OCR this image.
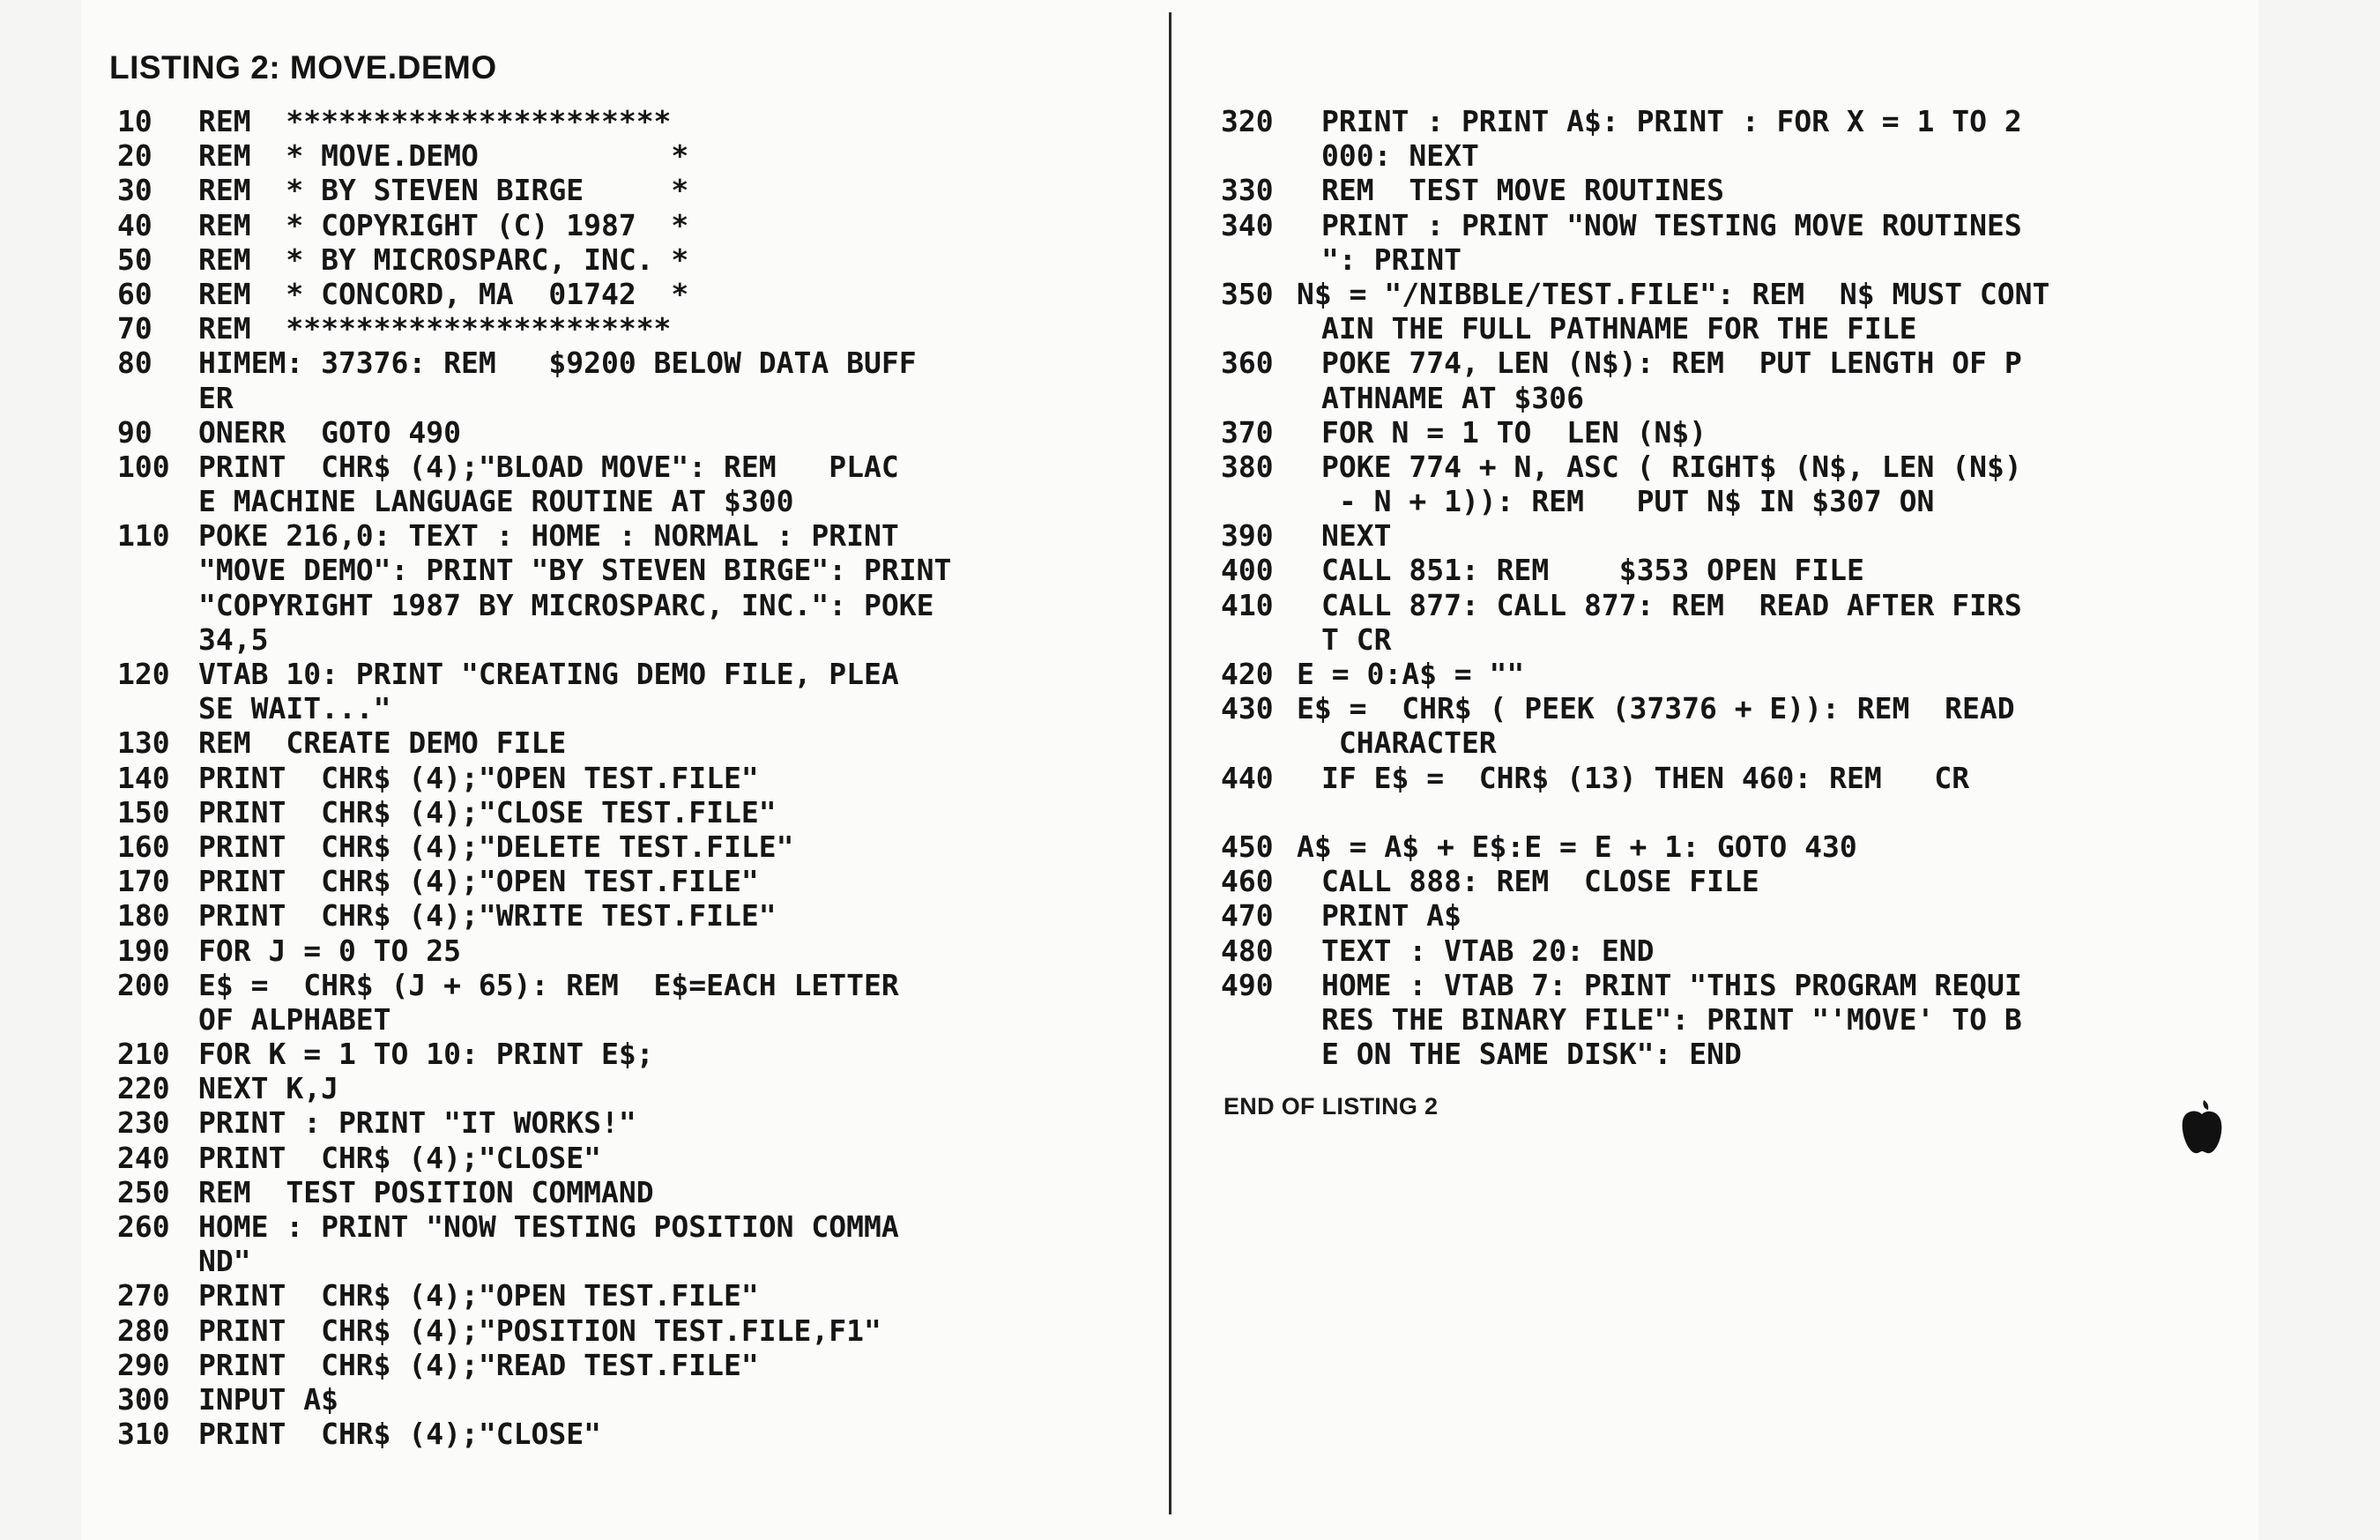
LISTING 2: MOVE.DEMO
10	REM  **********************
20	REM  * MOVE.DEMO           *
30	REM  * BY STEVEN BIRGE     *
40	REM  * COPYRIGHT (C) 1987  *
50	REM  * BY MICROSPARC, INC. *
60	REM  * CONCORD, MA  01742  *
70	REM  **********************
80	HIMEM: 37376: REM   $9200 BELOW DATA BUFF
ER
90	ONERR  GOTO 490
100 PRINT  CHR$ (4);"BLOAD MOVE": REM   PLAC
E MACHINE LANGUAGE ROUTINE AT $300
110 POKE 216,0: TEXT : HOME : NORMAL : PRINT
"MOVE DEMO": PRINT "BY STEVEN BIRGE": PRINT
"COPYRIGHT 1987 BY MICROSPARC, INC.": POKE
34,5
120 VTAB 10: PRINT "CREATING DEMO FILE, PLEA
SE WAIT..."
130 REM  CREATE DEMO FILE
140 PRINT  CHR$ (4);"OPEN TEST.FILE"
150 PRINT  CHR$ (4);"CLOSE TEST.FILE"
160 PRINT  CHR$ (4);"DELETE TEST.FILE"
170 PRINT  CHR$ (4);"OPEN TEST.FILE"
180 PRINT  CHR$ (4);"WRITE TEST.FILE"
190 FOR J = 0 TO 25
200 E$ =  CHR$ (J + 65): REM  E$=EACH LETTER
OF ALPHABET
210 FOR K = 1 TO 10: PRINT E$;
220 NEXT K,J
230 PRINT : PRINT "IT WORKS!"
240 PRINT  CHR$ (4);"CLOSE"
250 REM  TEST POSITION COMMAND
260 HOME : PRINT "NOW TESTING POSITION COMMA
ND"
270 PRINT  CHR$ (4);"OPEN TEST.FILE"
280 PRINT  CHR$ (4);"POSITION TEST.FILE,F1"
290 PRINT  CHR$ (4);"READ TEST.FILE"
300 INPUT A$
310 PRINT  CHR$ (4);"CLOSE"
320	PRINT : PRINT A$: PRINT : FOR X = 1 TO 2
000: NEXT
330	REM  TEST MOVE ROUTINES
340	PRINT : PRINT "NOW TESTING MOVE ROUTINES
": PRINT
350 N$ = "/NIBBLE/TEST.FILE": REM  N$ MUST CONT
AIN THE FULL PATHNAME FOR THE FILE
360	POKE 774, LEN (N$): REM  PUT LENGTH OF P
ATHNAME AT $306
370	FOR N = 1 TO  LEN (N$)
380	POKE 774 + N, ASC ( RIGHT$ (N$, LEN (N$)
- N + 1)): REM   PUT N$ IN $307 ON
390	NEXT
400	CALL 851: REM    $353 OPEN FILE
410	CALL 877: CALL 877: REM  READ AFTER FIRS
T CR
420 E = 0:A$ = ""
430 E$ =  CHR$ ( PEEK (37376 + E)): REM  READ
CHARACTER
440	IF E$ =  CHR$ (13) THEN 460: REM   CR
450 A$ = A$ + E$:E = E + 1: GOTO 430
460	CALL 888: REM  CLOSE FILE
470	PRINT A$
480	TEXT : VTAB 20: END
490	HOME : VTAB 7: PRINT "THIS PROGRAM REQUI
RES THE BINARY FILE": PRINT "'MOVE' TO B
E ON THE SAME DISK": END
END OF LISTING 2
